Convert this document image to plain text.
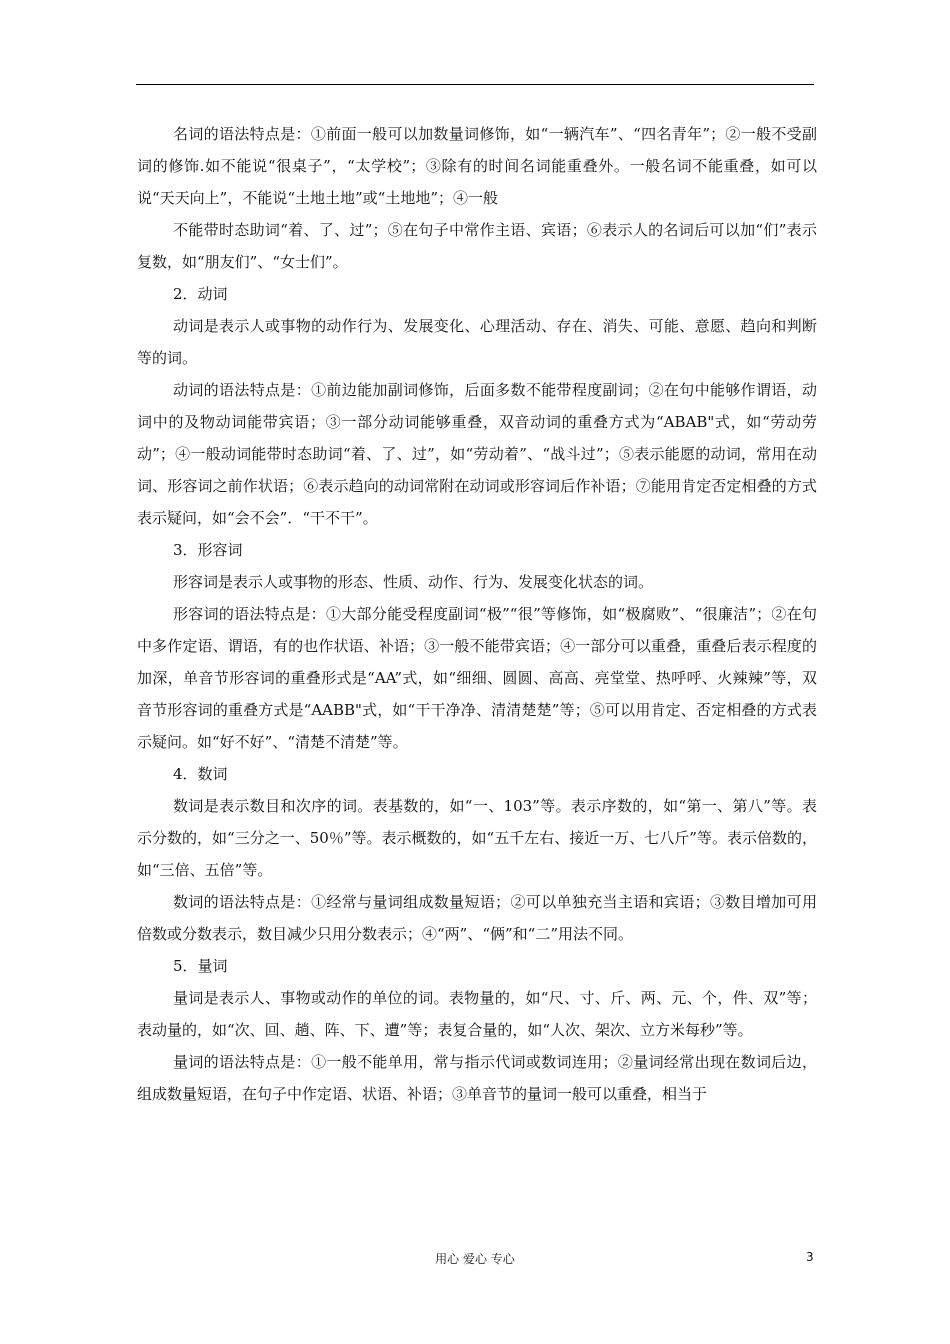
名词的语法特点是：①前面一般可以加数量词修饰，如“一辆汽车”、“四名青年”；②一般不受副词的修饰.如不能说“很桌子”，“太学校”；③除有的时间名词能重叠外。一般名词不能重叠，如可以说“天天向上”，不能说“土地土地”或“土地地”；④一般

不能带时态助词“着、了、过”；⑤在句子中常作主语、宾语；⑥表示人的名词后可以加“们”表示复数，如“朋友们”、“女士们”。

2．动词

动词是表示人或事物的动作行为、发展变化、心理活动、存在、消失、可能、意愿、趋向和判断等的词。

动词的语法特点是：①前边能加副词修饰，后面多数不能带程度副词；②在句中能够作谓语，动词中的及物动词能带宾语；③一部分动词能够重叠，双音动词的重叠方式为“ABAB"式，如“劳动劳动”；④一般动词能带时态助词“着、了、过”，如“劳动着”、“战斗过”；⑤表示能愿的动词，常用在动词、形容词之前作状语；⑥表示趋向的动词常附在动词或形容词后作补语；⑦能用肯定否定相叠的方式表示疑问，如“会不会”．“干不干”。

3．形容词

形容词是表示人或事物的形态、性质、动作、行为、发展变化状态的词。

形容词的语法特点是：①大部分能受程度副词“极”“很”等修饰，如“极腐败”、“很廉洁”；②在句中多作定语、谓语，有的也作状语、补语；③一般不能带宾语；④一部分可以重叠，重叠后表示程度的加深，单音节形容词的重叠形式是“AA”式，如“细细、圆圆、高高、亮堂堂、热呼呼、火辣辣”等，双音节形容词的重叠方式是“AABB"式，如“干干净净、清清楚楚”等；⑤可以用肯定、否定相叠的方式表示疑问。如“好不好”、“清楚不清楚”等。

4．数词

数词是表示数目和次序的词。表基数的，如“一、103”等。表示序数的，如“第一、第八”等。表示分数的，如“三分之一、50％”等。表示概数的，如“五千左右、接近一万、七八斤”等。表示倍数的，如“三倍、五倍”等。

数词的语法特点是：①经常与量词组成数量短语；②可以单独充当主语和宾语；③数目增加可用倍数或分数表示，数目减少只用分数表示；④“两”、“俩”和“二”用法不同。

5．量词

量词是表示人、事物或动作的单位的词。表物量的，如“尺、寸、斤、两、元、个，件、双”等；表动量的，如“次、回、趟、阵、下、遭”等；表复合量的，如“人次、架次、立方米每秒”等。

量词的语法特点是：①一般不能单用，常与指示代词或数词连用；②量词经常出现在数词后边，组成数量短语，在句子中作定语、状语、补语；③单音节的量词一般可以重叠，相当于

用心 爱心 专心	3
